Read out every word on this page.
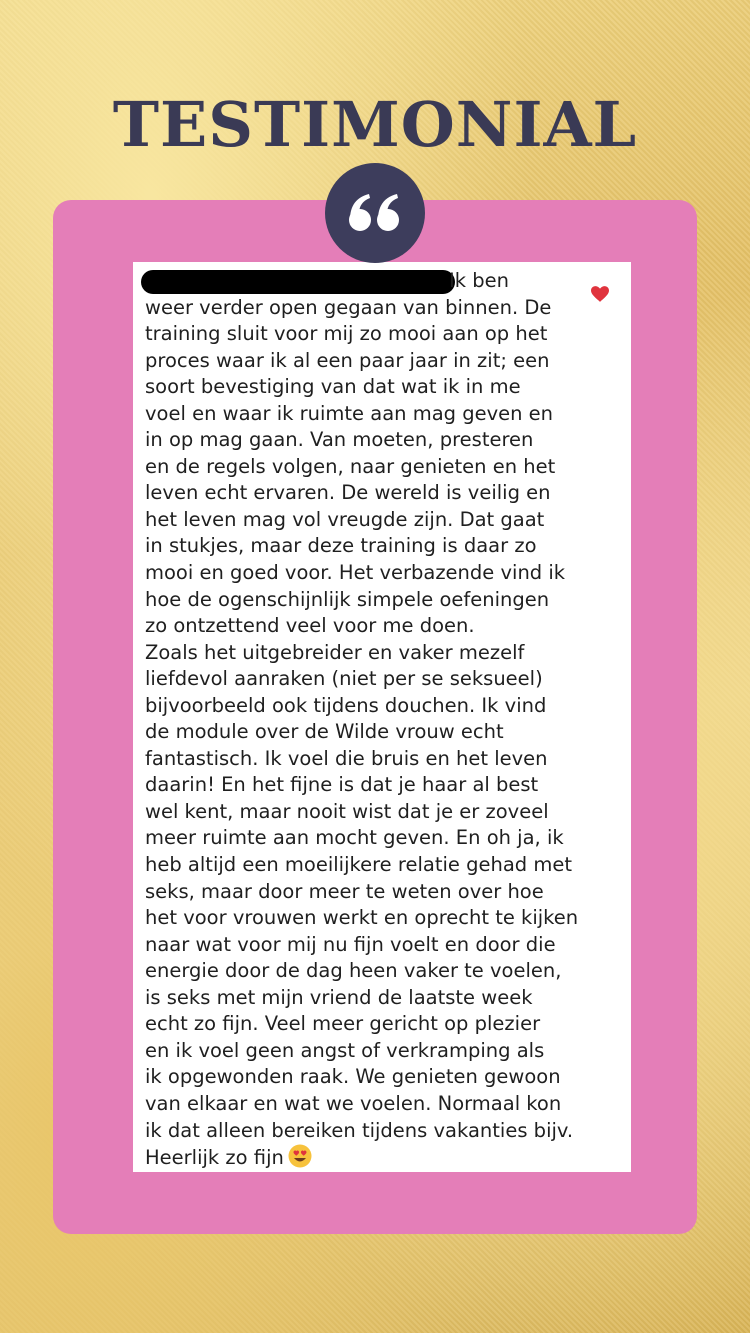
TESTIMONIAL

Ik ben
weer verder open gegaan van binnen. De
training sluit voor mij zo mooi aan op het
proces waar ik al een paar jaar in zit; een
soort bevestiging van dat wat ik in me
voel en waar ik ruimte aan mag geven en
in op mag gaan. Van moeten, presteren
en de regels volgen, naar genieten en het
leven echt ervaren. De wereld is veilig en
het leven mag vol vreugde zijn. Dat gaat
in stukjes, maar deze training is daar zo
mooi en goed voor. Het verbazende vind ik
hoe de ogenschijnlijk simpele oefeningen
zo ontzettend veel voor me doen.
Zoals het uitgebreider en vaker mezelf
liefdevol aanraken (niet per se seksueel)
bijvoorbeeld ook tijdens douchen. Ik vind
de module over de Wilde vrouw echt
fantastisch. Ik voel die bruis en het leven
daarin! En het fijne is dat je haar al best
wel kent, maar nooit wist dat je er zoveel
meer ruimte aan mocht geven. En oh ja, ik
heb altijd een moeilijkere relatie gehad met
seks, maar door meer te weten over hoe
het voor vrouwen werkt en oprecht te kijken
naar wat voor mij nu fijn voelt en door die
energie door de dag heen vaker te voelen,
is seks met mijn vriend de laatste week
echt zo fijn. Veel meer gericht op plezier
en ik voel geen angst of verkramping als
ik opgewonden raak. We genieten gewoon
van elkaar en wat we voelen. Normaal kon
ik dat alleen bereiken tijdens vakanties bijv.
Heerlijk zo fijn
